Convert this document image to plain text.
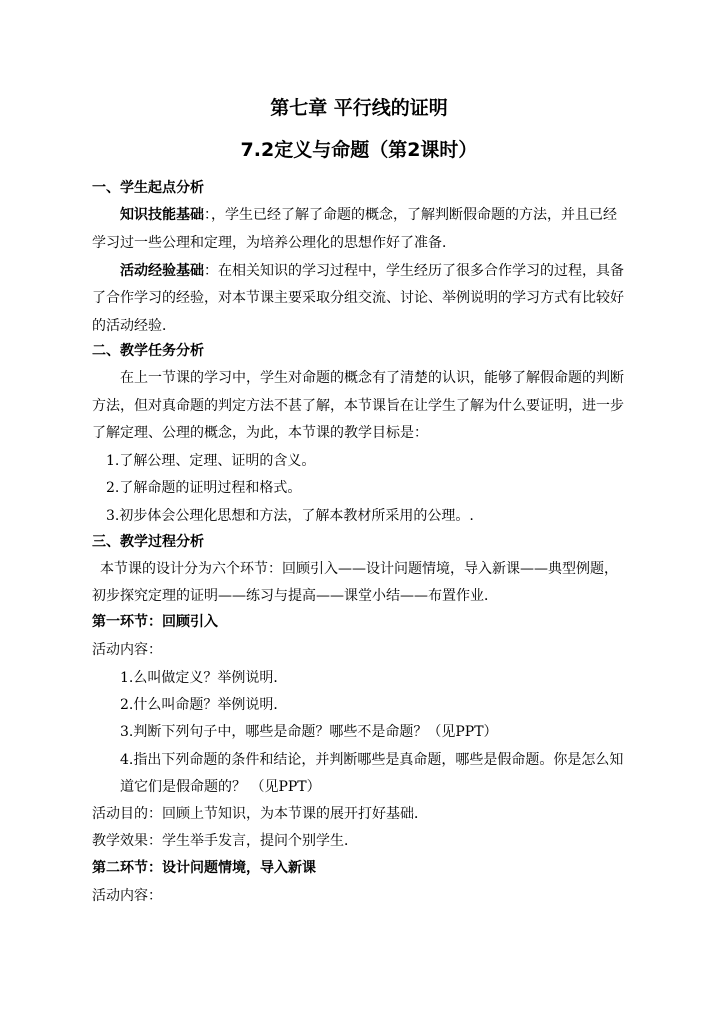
第七章 平行线的证明
7.2定义与命题（第2课时）
一、学生起点分析
知识技能基础：，学生已经了解了命题的概念，了解判断假命题的方法，并且已经
学习过一些公理和定理，为培养公理化的思想作好了准备．
活动经验基础：在相关知识的学习过程中，学生经历了很多合作学习的过程，具备
了合作学习的经验，对本节课主要采取分组交流、讨论、举例说明的学习方式有比较好
的活动经验．
二、教学任务分析
在上一节课的学习中，学生对命题的概念有了清楚的认识，能够了解假命题的判断
方法，但对真命题的判定方法不甚了解，本节课旨在让学生了解为什么要证明，进一步
了解定理、公理的概念，为此，本节课的教学目标是：
1.了解公理、定理、证明的含义。
2.了解命题的证明过程和格式。
3.初步体会公理化思想和方法，了解本教材所采用的公理。.
三、教学过程分析
本节课的设计分为六个环节：回顾引入——设计问题情境，导入新课——典型例题，
初步探究定理的证明——练习与提高——课堂小结——布置作业．
第一环节：回顾引入
活动内容：
1.么叫做定义？举例说明．
2.什么叫命题？举例说明．
3.判断下列句子中，哪些是命题？哪些不是命题？（见PPT）
4.指出下列命题的条件和结论，并判断哪些是真命题，哪些是假命题。你是怎么知
道它们是假命题的？ （见PPT）
活动目的：回顾上节知识，为本节课的展开打好基础．
教学效果：学生举手发言，提问个别学生．
第二环节：设计问题情境，导入新课
活动内容：
